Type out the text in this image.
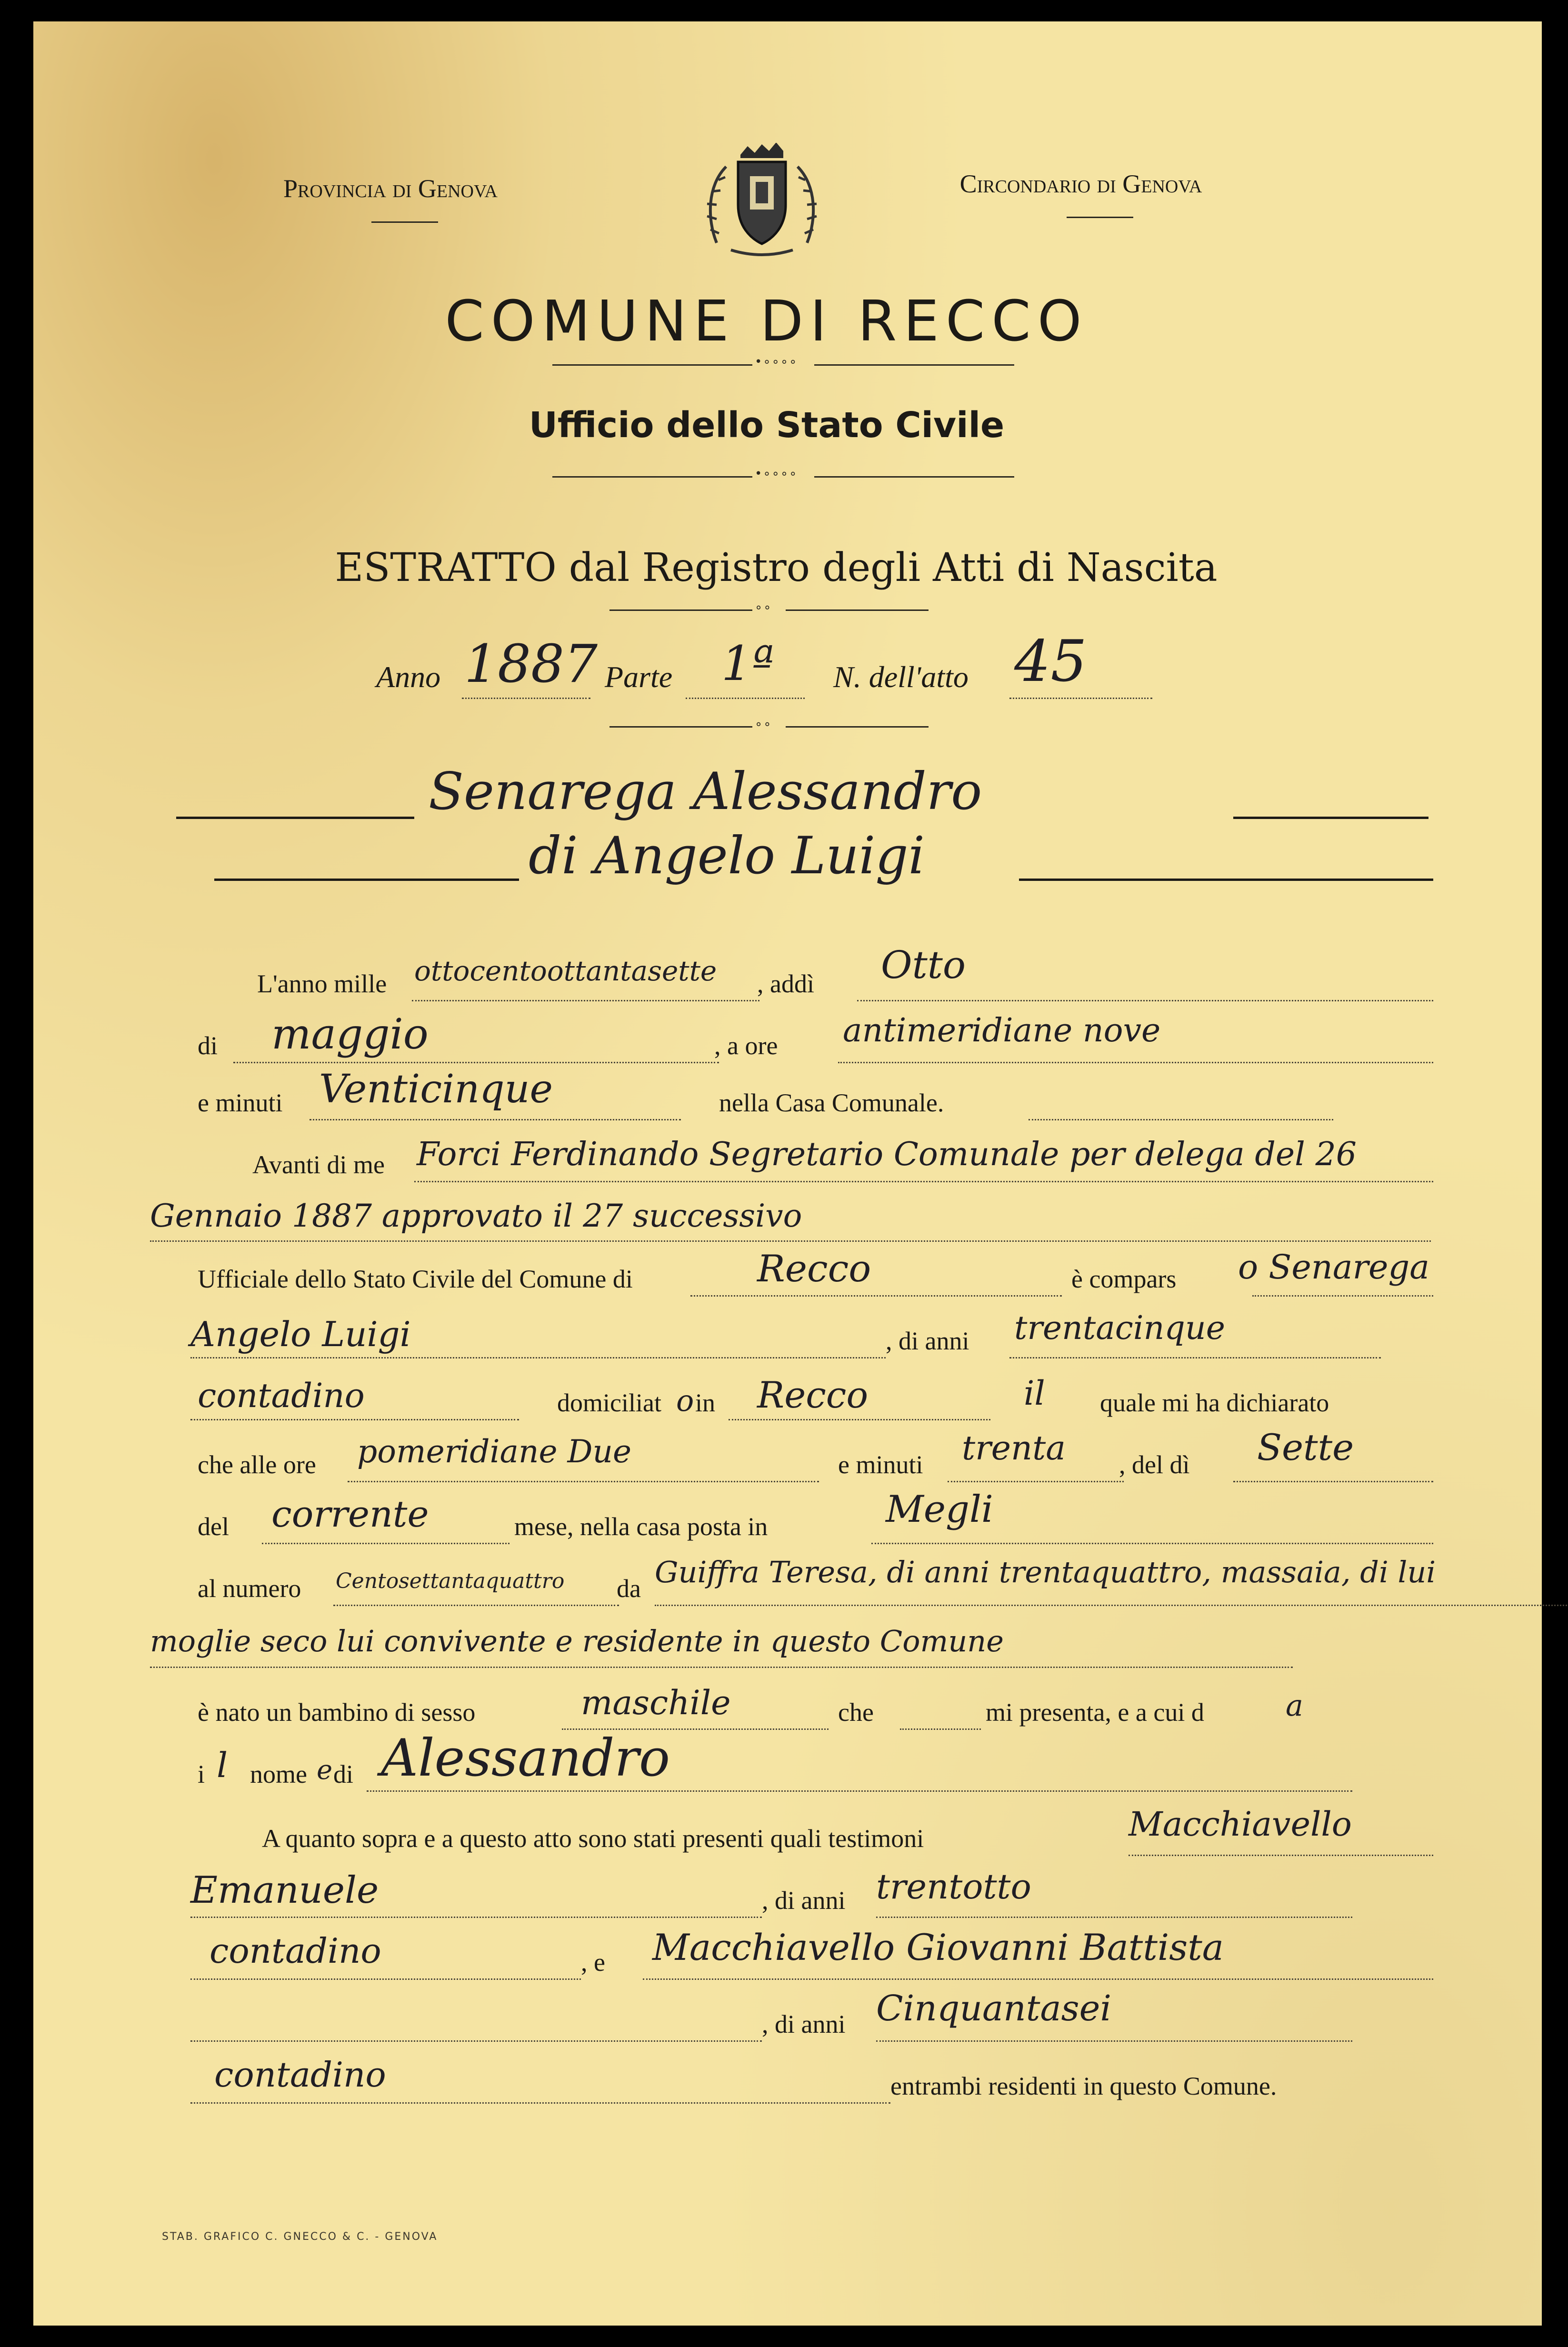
Provincia di Genova	Circondario di Genova
COMUNE DI RECCO
•∘∘∘∘
Ufficio dello Stato Civile
•∘∘∘∘
ESTRATTO dal Registro degli Atti di Nascita
∘∘
Anno 1887 Parte 1ª N. dell'atto 45
∘∘
Senarega Alessandro
di Angelo Luigi
L'anno mille ottocentoottantasette , addì Otto
di maggio	, a ore antimeridiane nove
e minuti Venticinque	nella Casa Comunale.
Avanti di me Forci Ferdinando Segretario Comunale per delega del 26
Gennaio 1887 approvato il 27 successivo
Ufficiale dello Stato Civile del Comune di	Recco	è compars o Senarega
Angelo Luigi	, di anni trentacinque
contadino	domiciliat o in Recco	il quale mi ha dichiarato
che alle ore pomeridiane Due	e minuti trenta , del dì Sette
del corrente	mese, nella casa posta in	Megli
al numero Centosettantaquattro da Guiffra Teresa, di anni trentaquattro, massaia, di lui
moglie seco lui convivente e residente in questo Comune
è nato un bambino di sesso	maschile	che	mi presenta, e a cui d	a
i l nome e di Alessandro
A quanto sopra e a questo atto sono stati presenti quali testimoni	Macchiavello
Emanuele	, di anni trentotto
contadino	, e Macchiavello Giovanni Battista
, di anni Cinquantasei
contadino	entrambi residenti in questo Comune.
STAB. GRAFICO C. GNECCO & C. - GENOVA
